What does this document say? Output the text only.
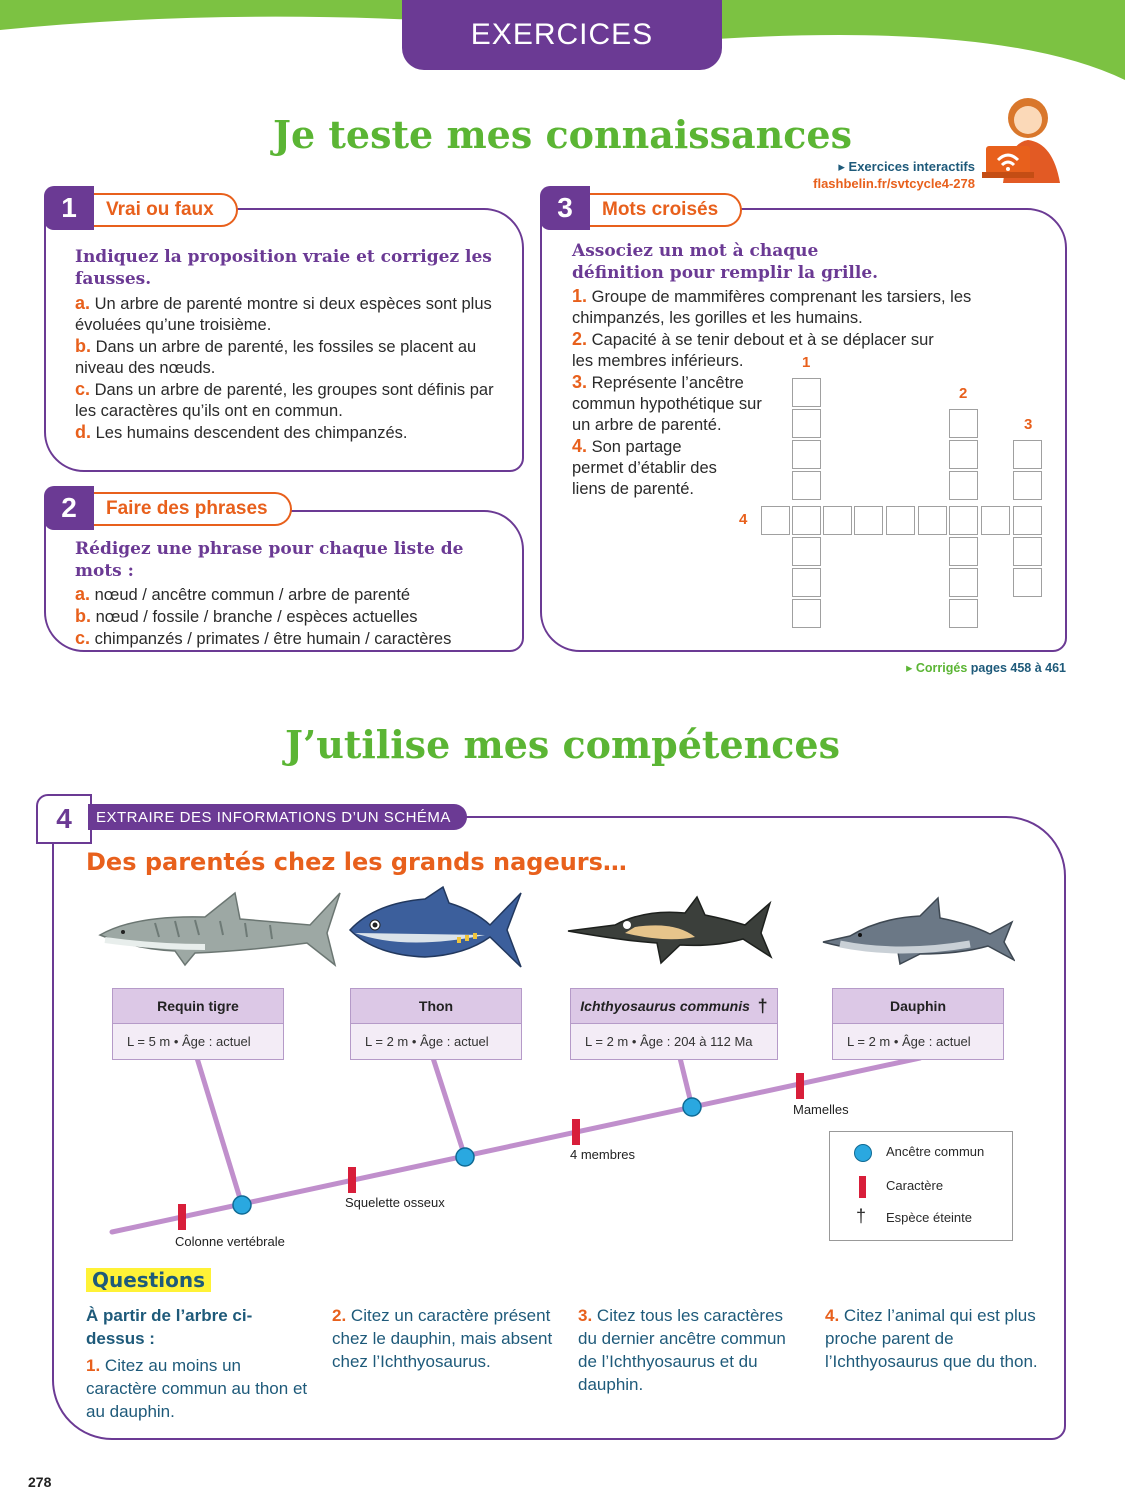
EXERCICES
Je teste mes connaissances
▸ Exercices interactifs
flashbelin.fr/svtcycle4-278
1	Vrai ou faux
Indiquez la proposition vraie et corrigez les fausses.
a. Un arbre de parenté montre si deux espèces sont plus évoluées qu’une troisième.
b. Dans un arbre de parenté, les fossiles se placent au niveau des nœuds.
c. Dans un arbre de parenté, les groupes sont définis par les caractères qu’ils ont en commun.
d. Les humains descendent des chimpanzés.
2	Faire des phrases
Rédigez une phrase pour chaque liste de mots :
a. nœud / ancêtre commun / arbre de parenté
b. nœud / fossile / branche / espèces actuelles
c. chimpanzés / primates / être humain / caractères
3	Mots croisés
Associez un mot à chaque définition pour remplir la grille.
1. Groupe de mammifères comprenant les tarsiers, les chimpanzés, les gorilles et les humains.
2. Capacité à se tenir debout et à se déplacer sur les membres inférieurs.
3. Représente l’ancêtre commun hypothétique sur un arbre de parenté.
4. Son partage permet d’établir des liens de parenté.
1
2
3
4
▸ Corrigés pages 458 à 461
J’utilise mes compétences
4	EXTRAIRE DES INFORMATIONS D’UN SCHÉMA
Des parentés chez les grands nageurs…
Colonne vertébrale
Squelette osseux
4 membres
Mamelles
Requin tigre
L = 5 m • Âge : actuel
Thon
L = 2 m • Âge : actuel
Ichthyosaurus communis
†
L = 2 m • Âge : 204 à 112 Ma
Dauphin
L = 2 m • Âge : actuel
Ancêtre commun
Caractère
† Espèce éteinte
Questions
À partir de l’arbre ci-dessus :
1. Citez au moins un caractère commun au thon et au dauphin.
2. Citez un caractère présent chez le dauphin, mais absent chez l’Ichthyosaurus.
3. Citez tous les caractères du dernier ancêtre commun de l’Ichthyosaurus et du dauphin.
4. Citez l’animal qui est plus proche parent de l’Ichthyosaurus que du thon.
278
